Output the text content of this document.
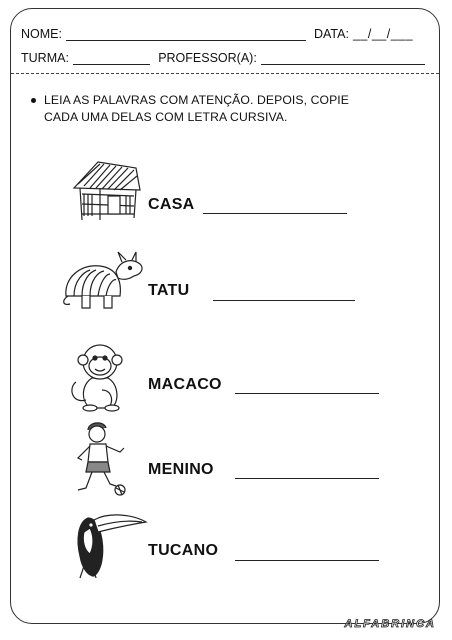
NOME:	DATA: __/__/___
TURMA:	PROFESSOR(A):
LEIA AS PALAVRAS COM ATENÇÃO. DEPOIS, COPIE CADA UMA DELAS COM LETRA CURSIVA.
CASA
TATU
MACACO
MENINO
TUCANO
ALFABRINCA
